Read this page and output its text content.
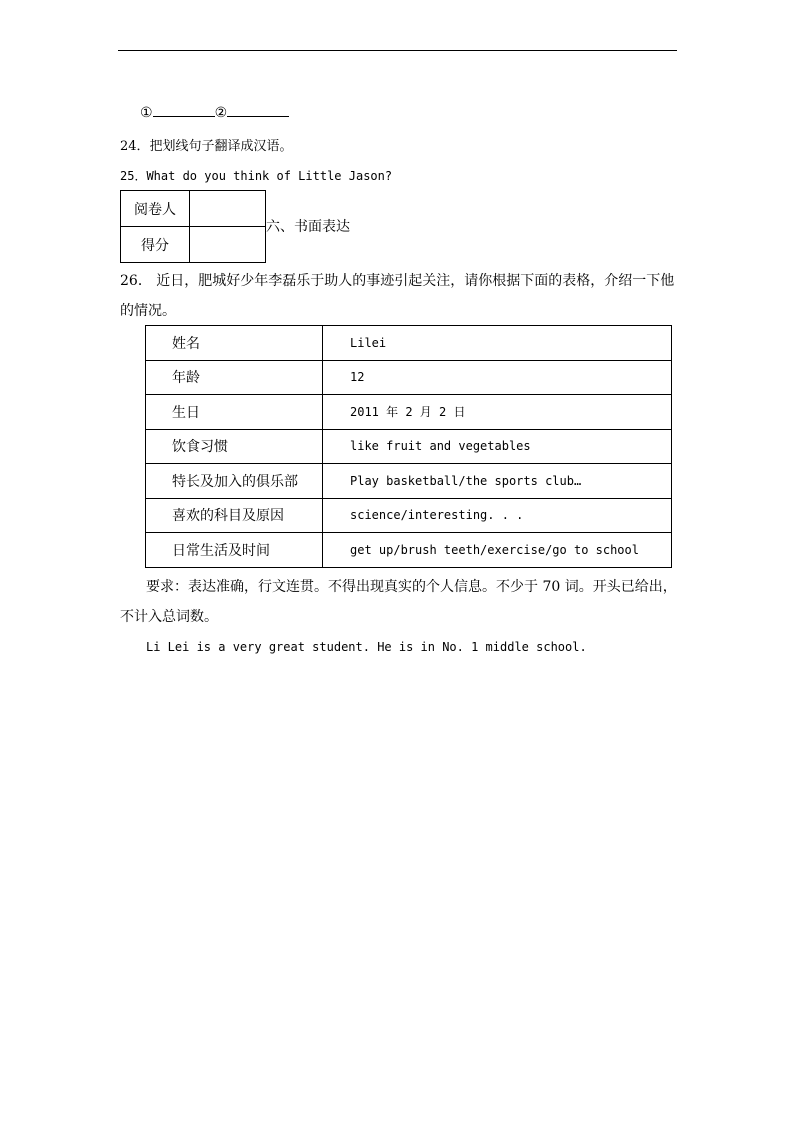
①	②
24．把划线句子翻译成汉语。
25．What do you think of Little Jason?
阅卷人	
得分	
六、书面表达
26． 近日，肥城好少年李磊乐于助人的事迹引起关注，请你根据下面的表格，介绍一下他
的情况。
姓名	Lilei
年龄	12
生日	2011 年 2 月 2 日
饮食习惯	like fruit and vegetables
特长及加入的俱乐部	Play basketball/the sports club…
喜欢的科目及原因	science/interesting. . .
日常生活及时间	get up/brush teeth/exercise/go to school
要求：表达准确，行文连贯。不得出现真实的个人信息。不少于 70 词。开头已给出，
不计入总词数。
Li Lei is a very great student. He is in No. 1 middle school.
